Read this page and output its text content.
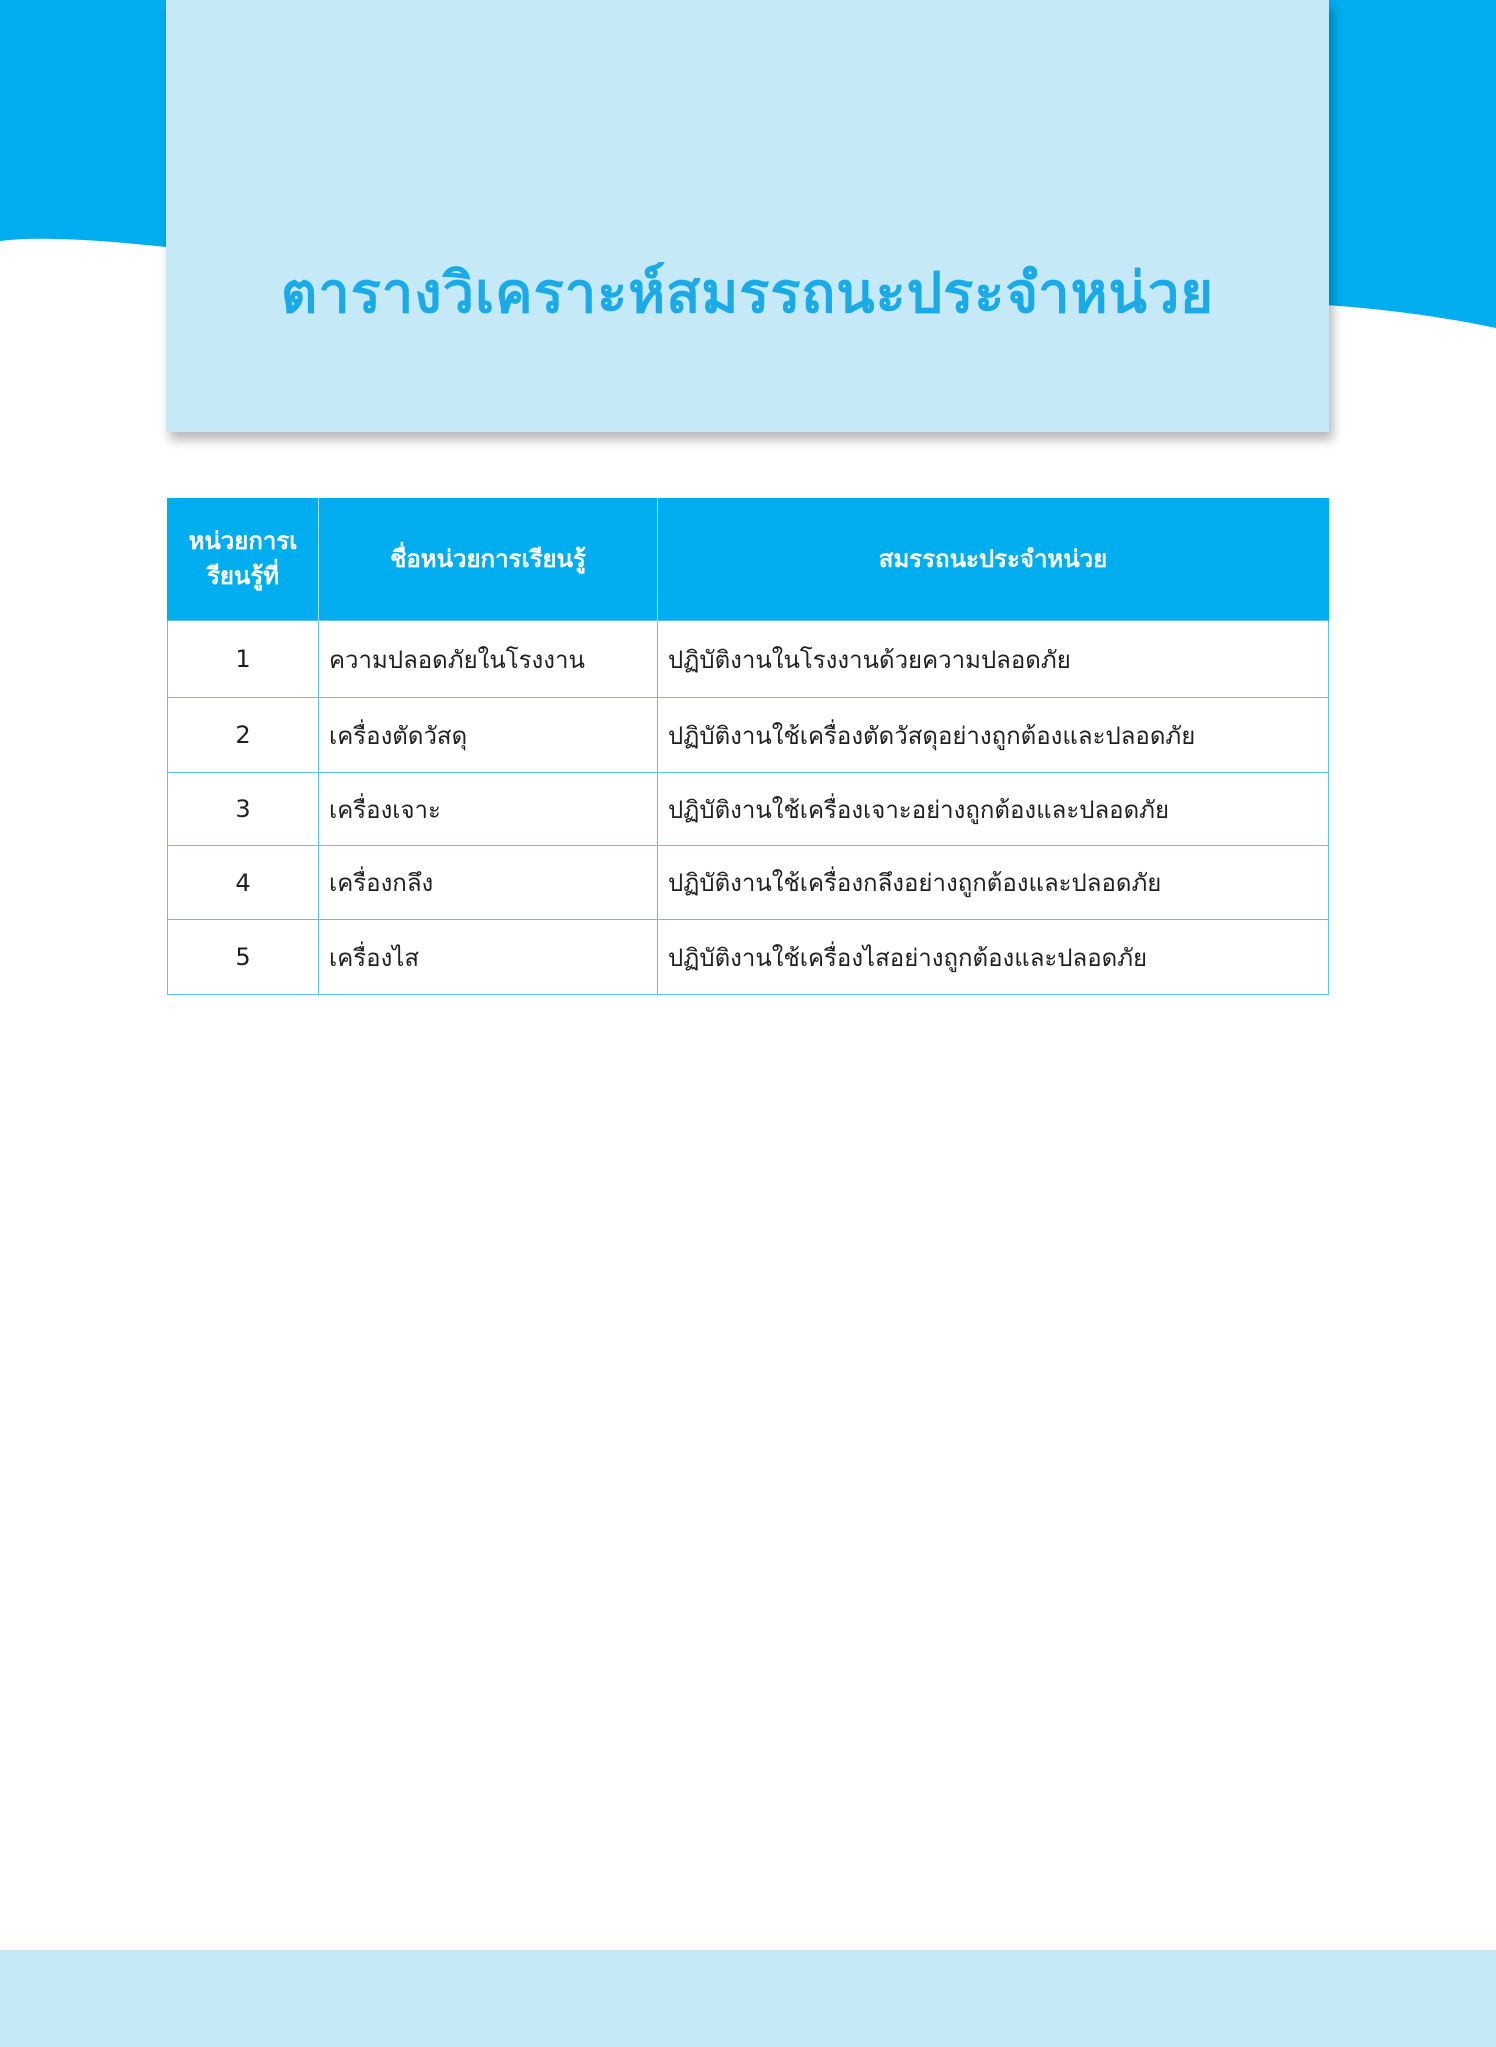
ตารางวิเคราะห์สมรรถนะประจำหน่วย
หน่วยการเรียนรู้ที่	ชื่อหน่วยการเรียนรู้	สมรรถนะประจำหน่วย
1	ความปลอดภัยในโรงงาน	ปฏิบัติงานในโรงงานด้วยความปลอดภัย
2	เครื่องตัดวัสดุ	ปฏิบัติงานใช้เครื่องตัดวัสดุอย่างถูกต้องและปลอดภัย
3	เครื่องเจาะ	ปฏิบัติงานใช้เครื่องเจาะอย่างถูกต้องและปลอดภัย
4	เครื่องกลึง	ปฏิบัติงานใช้เครื่องกลึงอย่างถูกต้องและปลอดภัย
5	เครื่องไส	ปฏิบัติงานใช้เครื่องไสอย่างถูกต้องและปลอดภัย
